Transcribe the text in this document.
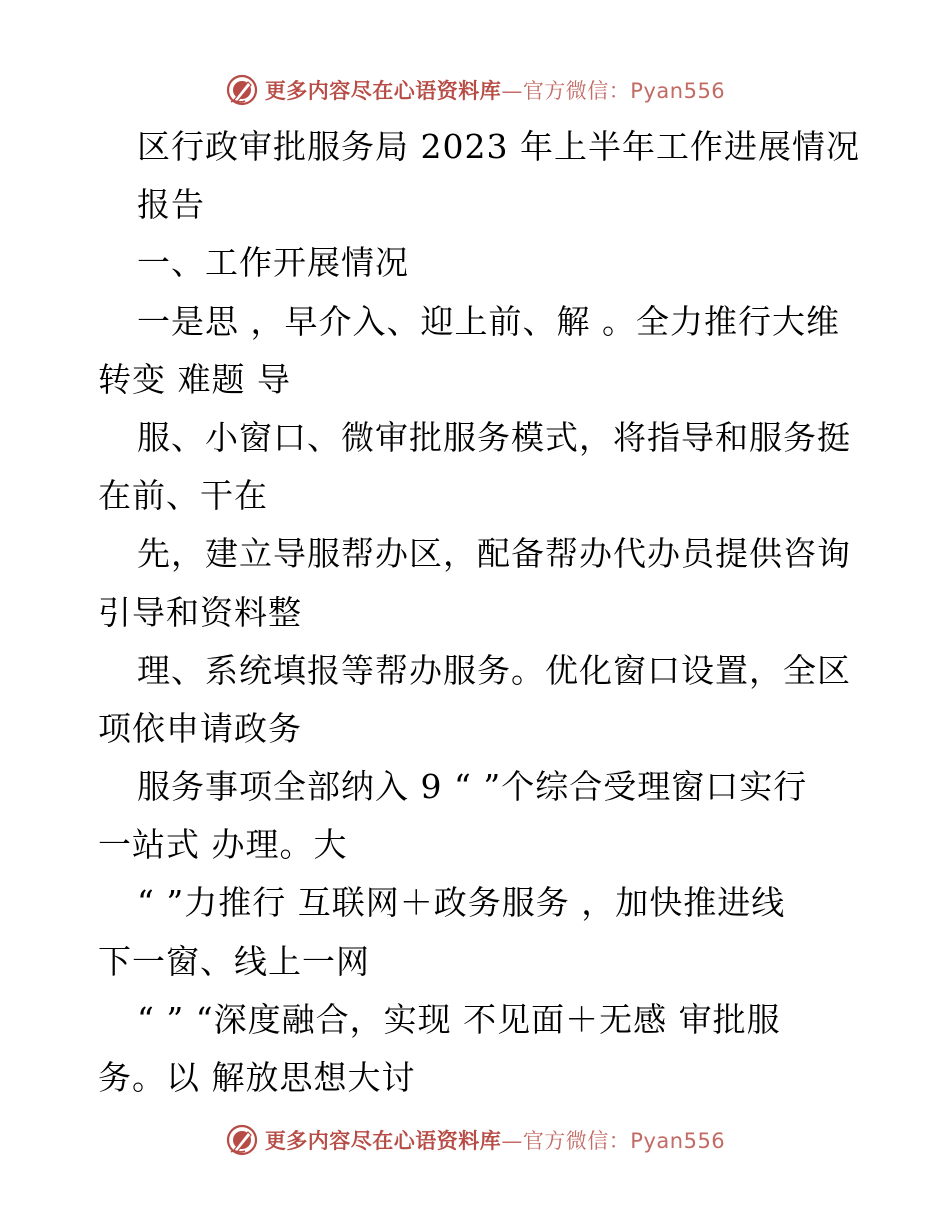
更多内容尽在心语资料库—官方微信：Pyan556
区行政审批服务局 2023 年上半年工作进展情况
报告
一、工作开展情况
一是思 ，早介入、迎上前、解 。全力推行大维
转变 难题 导
服、小窗口、微审批服务模式，将指导和服务挺
在前、干在
先，建立导服帮办区，配备帮办代办员提供咨询
引导和资料整
理、系统填报等帮办服务。优化窗口设置，全区
项依申请政务
服务事项全部纳入 9 “ ”个综合受理窗口实行
一站式 办理。大
“ ”力推行 互联网＋政务服务 ，加快推进线
下一窗、线上一网
“ ” “深度融合，实现 不见面＋无感 审批服
务。以 解放思想大讨
更多内容尽在心语资料库—官方微信：Pyan556
